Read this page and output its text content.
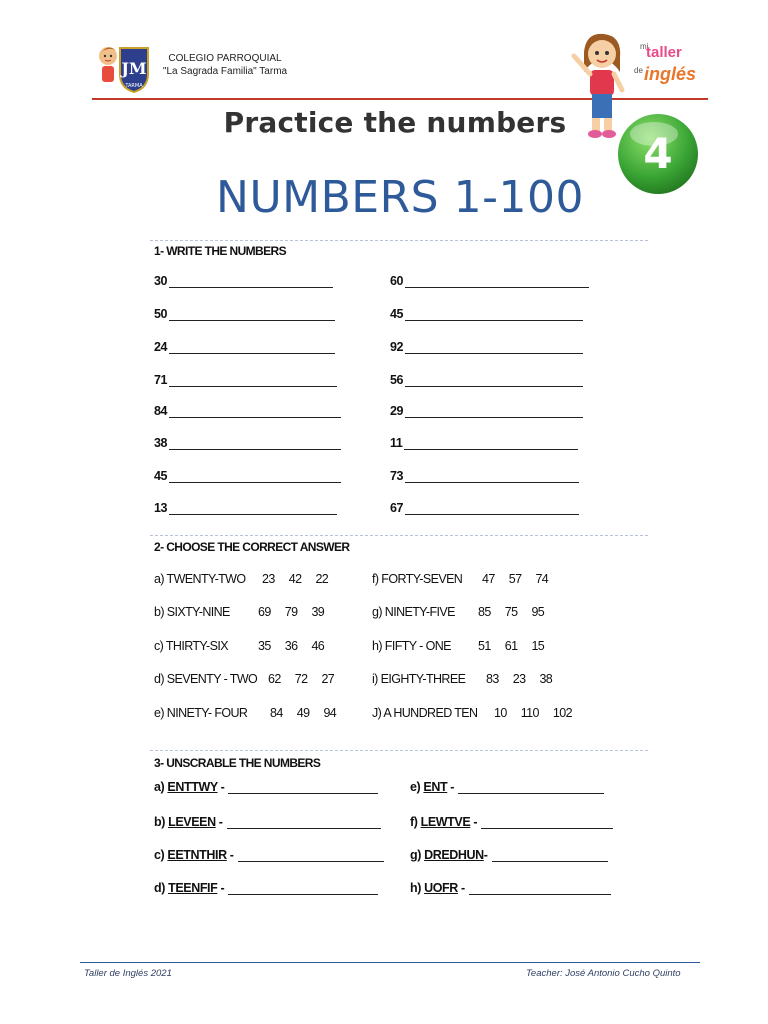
JM
TARMA
COLEGIO PARROQUIAL
"La Sagrada Familia" Tarma
mi
taller
de inglés
4
Practice the numbers
NUMBERS 1-100
1- WRITE THE NUMBERS
2- CHOOSE THE CORRECT ANSWER
3- UNSCRABLE THE NUMBERS
Taller de Inglés 2021	Teacher: José Antonio Cucho Quinto
30
50
24
71
84
38
45
13
60
45
92
56
29
11
73
67
a) TWENTY-TWO 23 42 22
b) SIXTY-NINE 69 79 39
c) THIRTY-SIX 35 36 46
d) SEVENTY - TWO 62 72 27
e) NINETY- FOUR 84 49 94
f) FORTY-SEVEN 47 57 74
g) NINETY-FIVE 85 75 95
h) FIFTY - ONE 51 61 15
i) EIGHTY-THREE 83 23 38
J) A HUNDRED TEN 10 110 102
a) ENTTWY -
b) LEVEEN -
c) EETNTHIR -
d) TEENFIF -
e) ENT -
f) LEWTVE -
g) DREDHUN-
h) UOFR -
